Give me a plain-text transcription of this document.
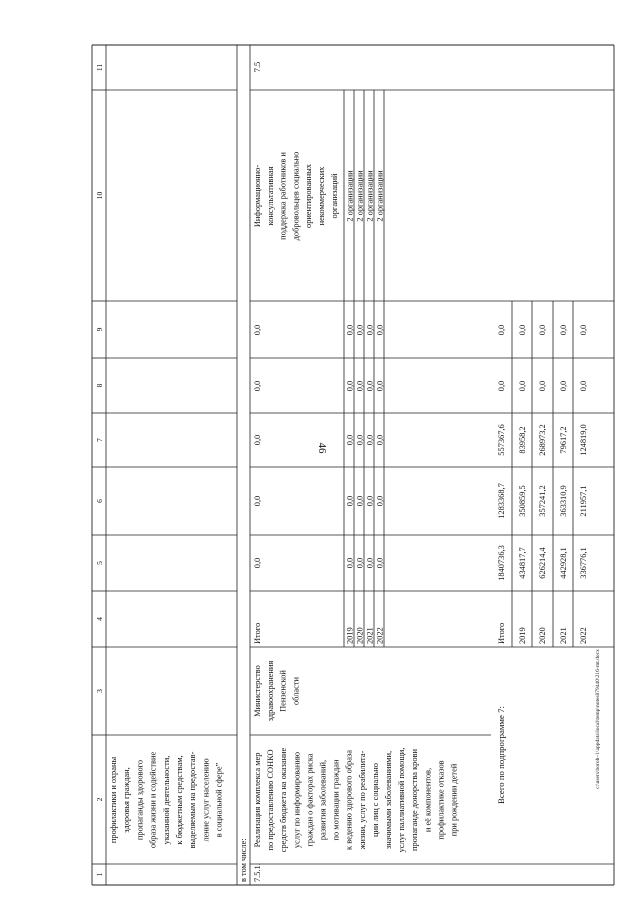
46
c:\users\boroh~1\appdata\local\temp\notes879440\216-rnt.docx
1
2
3
4
5
6
7
8
9
10
11
профилактики и охраны здоровья граждан, пропаганды здорового образа жизни и содействие указанной деятельности, к бюджетным средствам, выделяемым на предостав- ление услуг населению в социальной сфере”
в том числе: 7.5.1.
Реализация комплекса мер по предоставлению СОНКО средств бюджета на оказание услуг по информированию граждан о факторах риска развития заболеваний, по мотивации граждан к ведению здорового образа жизни, услуг по реабилита- ции лиц с социально значимыми заболеваниями, услуг паллиативной помощи, пропаганде донорства крови и её компонентов, профилактике отказов при рождении детей
Министерство здравоохранения Пензенской области
Информационно- консультативная поддержка работников и добровольцев социально ориентированных некоммерческих организаций
7.5
Итого
0,0
0,0
0,0
0,0
0,0
2019
0,0
0,0
0,0
0,0
0,0
2 организации
2020
0,0
0,0
0,0
0,0
0,0
2 организации
2021
0,0
0,0
0,0
0,0
0,0
2 организации
2022
0,0
0,0
0,0
0,0
0,0
2 организации
Всего по подпрограмме 7:
Итого
1840736,3
1283368,7
557367,6
0,0
0,0
2019
434817,7
350859,5
83958,2
0,0
0,0
2020
626214,4
357241,2
268973,2
0,0
0,0
2021
442928,1
363310,9
79617,2
0,0
0,0
2022
336776,1
211957,1
124819,0
0,0
0,0
